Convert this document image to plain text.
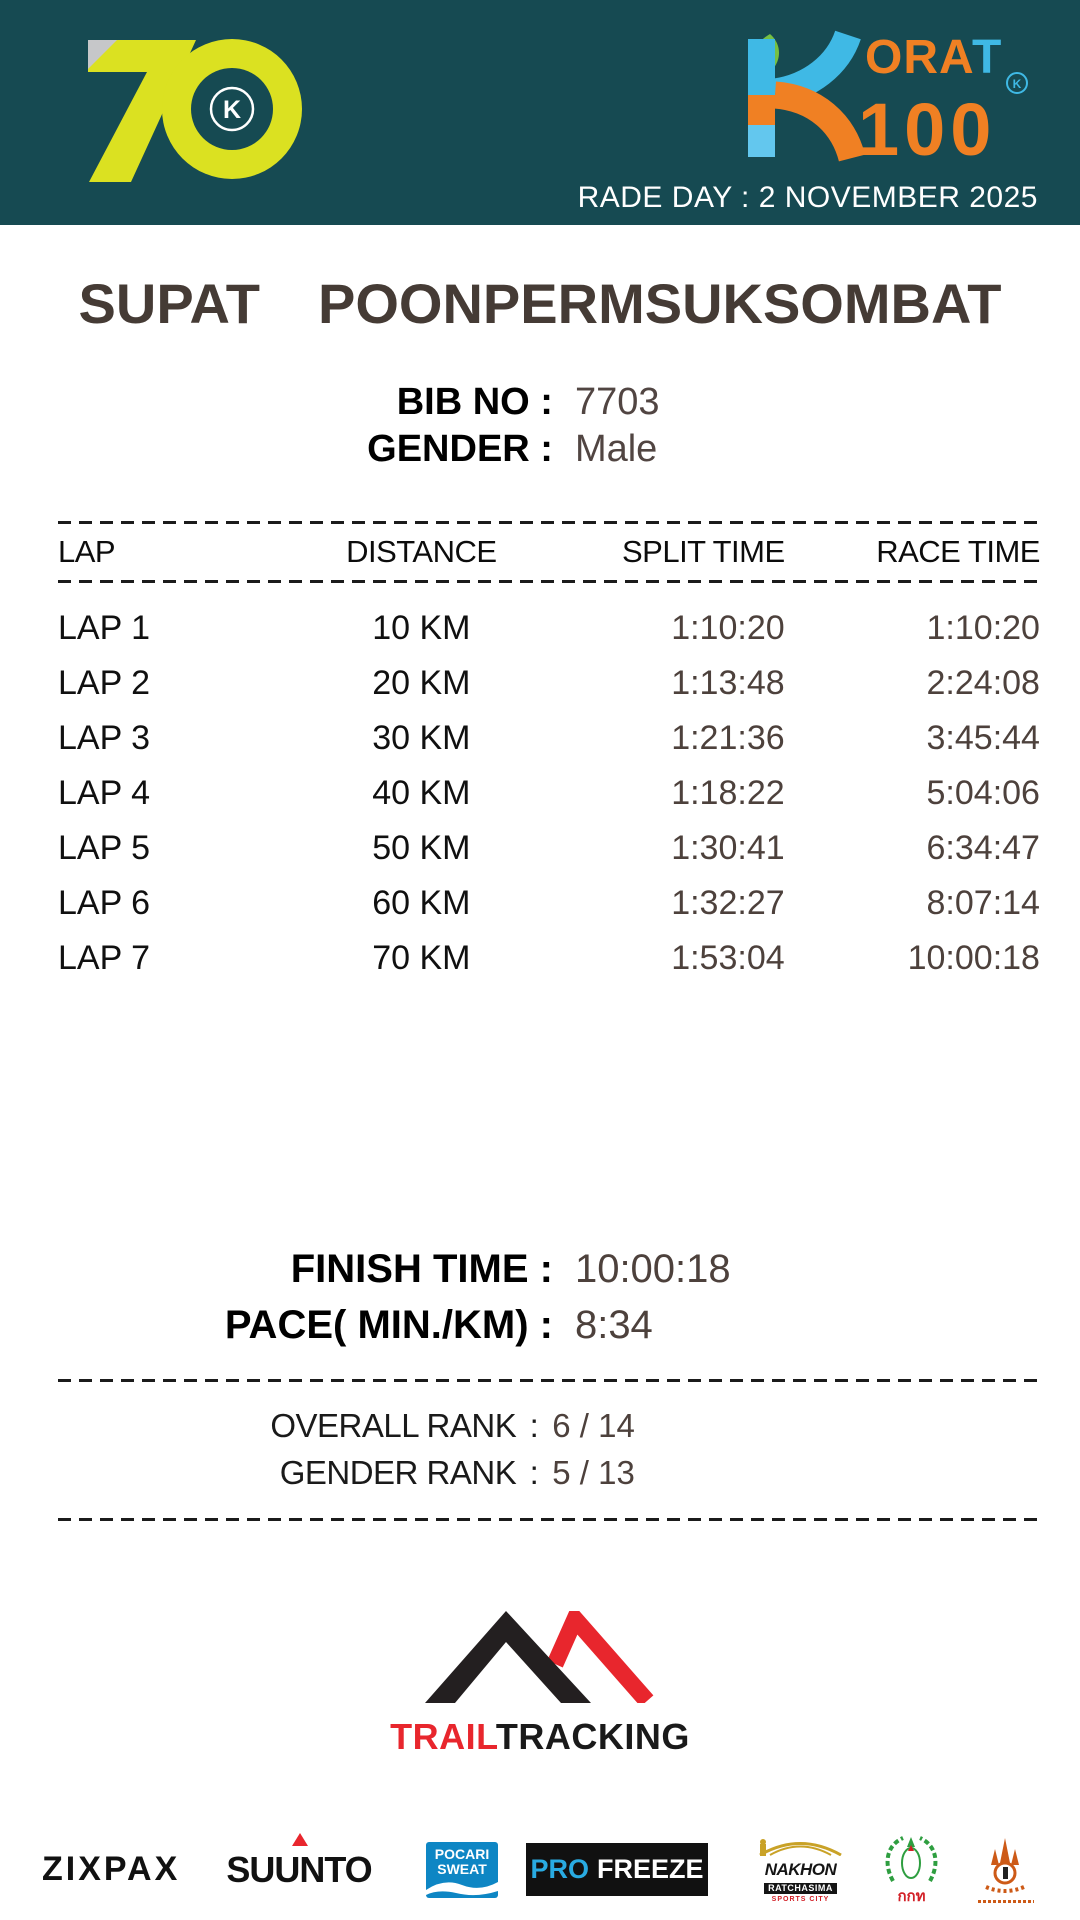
K
ORA
T
100
K
RADE DAY : 2 NOVEMBER 2025
SUPAT POONPERMSUKSOMBAT
BIB NO : 7703
GENDER : Male
LAP	DISTANCE	SPLIT TIME	RACE TIME
LAP 1	10 KM	1:10:20	1:10:20
LAP 2	20 KM	1:13:48	2:24:08
LAP 3	30 KM	1:21:36	3:45:44
LAP 4	40 KM	1:18:22	5:04:06
LAP 5	50 KM	1:30:41	6:34:47
LAP 6	60 KM	1:32:27	8:07:14
LAP 7	70 KM	1:53:04	10:00:18
FINISH TIME : 10:00:18
PACE( MIN./KM) : 8:34
OVERALL RANK : 6 / 14
GENDER RANK : 5 / 13
TRAILTRACKING
ZIXPAX	SUUNTO	POCARI
SWEAT	PRO FREEZE	NAKHON
RATCHASIMA
SPORTS CITY	กกท
